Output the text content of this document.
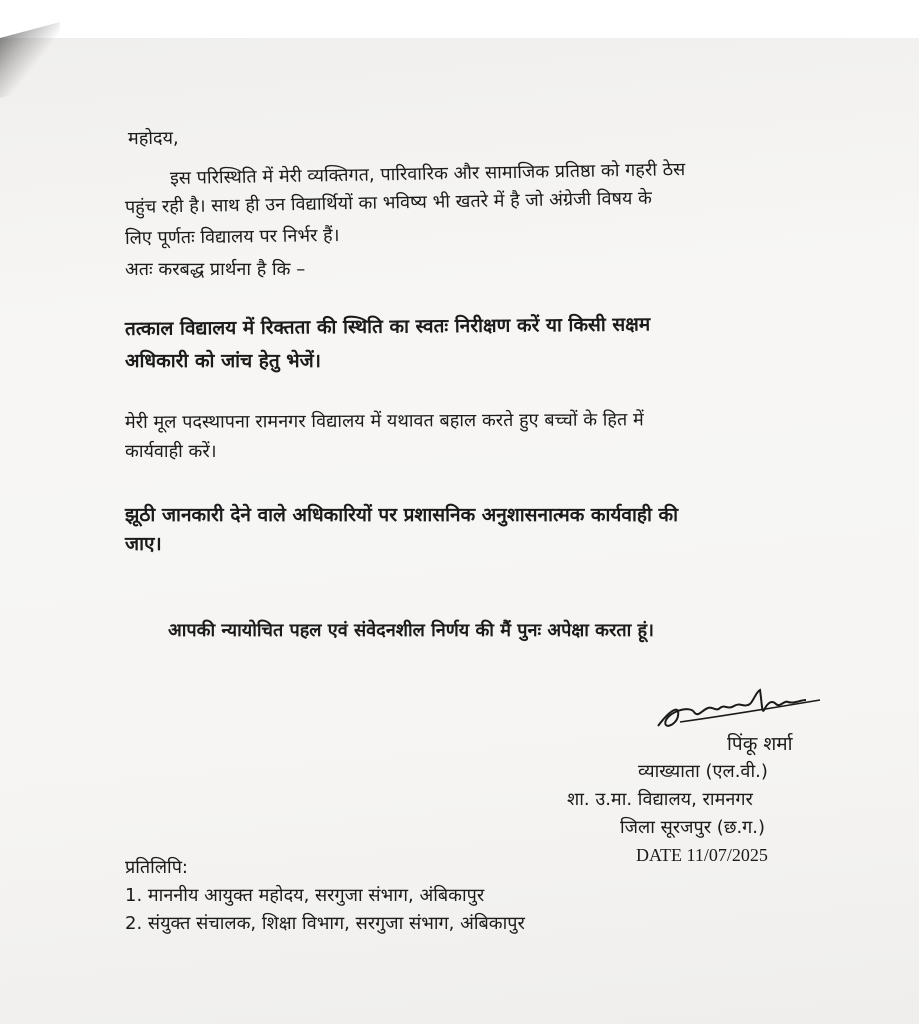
महोदय,
इस परिस्थिति में मेरी व्यक्तिगत, पारिवारिक और सामाजिक प्रतिष्ठा को गहरी ठेस
पहुंच रही है। साथ ही उन विद्यार्थियों का भविष्य भी खतरे में है जो अंग्रेजी विषय के
लिए पूर्णतः विद्यालय पर निर्भर हैं।
अतः करबद्ध प्रार्थना है कि –
तत्काल विद्यालय में रिक्तता की स्थिति का स्वतः निरीक्षण करें या किसी सक्षम
अधिकारी को जांच हेतु भेजें।
मेरी मूल पदस्थापना रामनगर विद्यालय में यथावत बहाल करते हुए बच्चों के हित में
कार्यवाही करें।
झूठी जानकारी देने वाले अधिकारियों पर प्रशासनिक अनुशासनात्मक कार्यवाही की
जाए।
आपकी न्यायोचित पहल एवं संवेदनशील निर्णय की मैं पुनः अपेक्षा करता हूं।
पिंकू शर्मा
व्याख्याता (एल.वी.)
शा. उ.मा. विद्यालय, रामनगर
जिला सूरजपुर (छ.ग.)
DATE 11/07/2025
प्रतिलिपि:
1. माननीय आयुक्त महोदय, सरगुजा संभाग, अंबिकापुर
2. संयुक्त संचालक, शिक्षा विभाग, सरगुजा संभाग, अंबिकापुर
